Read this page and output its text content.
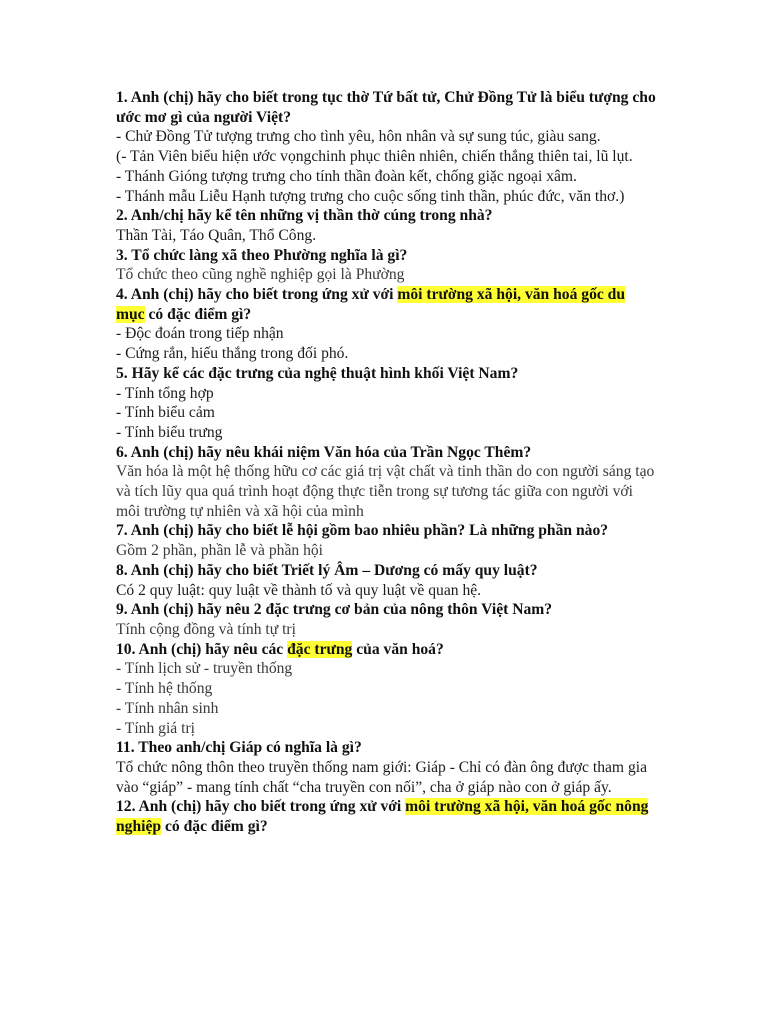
1. Anh (chị) hãy cho biết trong tục thờ Tứ bất tử, Chử Đồng Tử là biểu tượng cho ước mơ gì của người Việt?

- Chử Đồng Tử tượng trưng cho tình yêu, hôn nhân và sự sung túc, giàu sang.

(- Tản Viên biểu hiện ước vọngchinh phục thiên nhiên, chiến thắng thiên tai, lũ lụt.

- Thánh Gióng tượng trưng cho tính thần đoàn kết, chống giặc ngoại xâm.

- Thánh mẫu Liễu Hạnh tượng trưng cho cuộc sống tinh thần, phúc đức, văn thơ.)

2. Anh/chị hãy kể tên những vị thần thờ cúng trong nhà?

Thần Tài, Táo Quân, Thổ Công.

3. Tổ chức làng xã theo Phường nghĩa là gì?

Tổ chức theo cũng nghề nghiệp gọi là Phường

4. Anh (chị) hãy cho biết trong ứng xử với môi trường xã hội, văn hoá gốc du mục có đặc điểm gì?

- Độc đoán trong tiếp nhận

- Cứng rắn, hiếu thắng trong đối phó.

5. Hãy kể các đặc trưng của nghệ thuật hình khối Việt Nam?

- Tính tổng hợp

- Tính biểu cảm

- Tính biểu trưng

6. Anh (chị) hãy nêu khái niệm Văn hóa của Trần Ngọc Thêm?

Văn hóa là một hệ thống hữu cơ các giá trị vật chất và tinh thần do con người sáng tạo và tích lũy qua quá trình hoạt động thực tiễn trong sự tương tác giữa con người với môi trường tự nhiên và xã hội của mình

7. Anh (chị) hãy cho biết lễ hội gồm bao nhiêu phần? Là những phần nào?

Gồm 2 phần, phần lễ và phần hội

8. Anh (chị) hãy cho biết Triết lý Âm – Dương có mấy quy luật?

Có 2 quy luật: quy luật về thành tố và quy luật về quan hệ.

9. Anh (chị) hãy nêu 2 đặc trưng cơ bản của nông thôn Việt Nam?

Tính cộng đồng và tính tự trị

10. Anh (chị) hãy nêu các đặc trưng của văn hoá?

- Tính lịch sử - truyền thống

- Tính hệ thống

- Tính nhân sinh

- Tính giá trị

11. Theo anh/chị Giáp có nghĩa là gì?

Tổ chức nông thôn theo truyền thống nam giới: Giáp - Chỉ có đàn ông được tham gia vào “giáp” - mang tính chất “cha truyền con nối”, cha ở giáp nào con ở giáp ấy.

12. Anh (chị) hãy cho biết trong ứng xử với môi trường xã hội, văn hoá gốc nông nghiệp có đặc điểm gì?
